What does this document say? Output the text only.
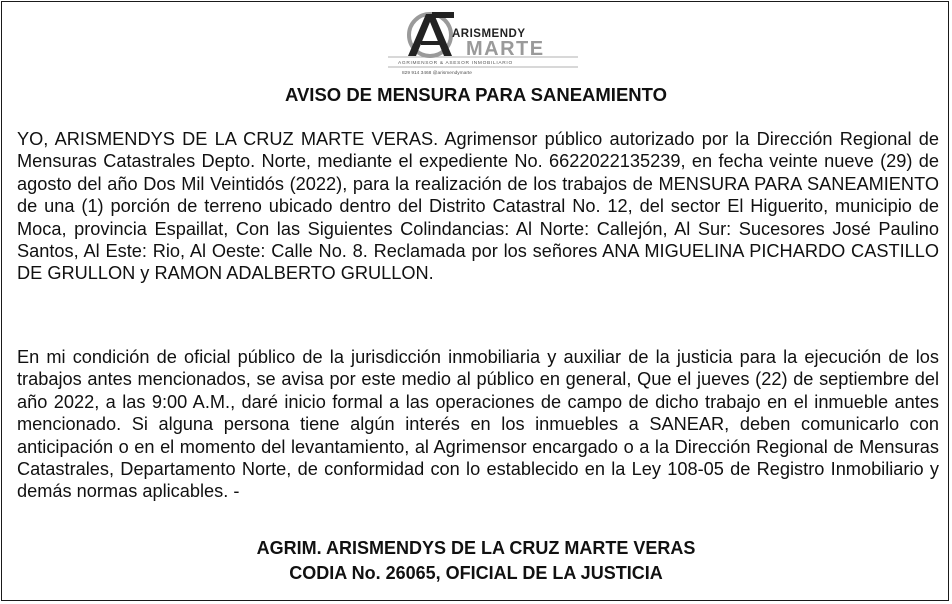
ARISMENDY
MARTE
AGRIMENSOR & ASESOR INMOBILIARIO
829 914 3468 @arismendymarte
AVISO DE MENSURA PARA SANEAMIENTO

YO, ARISMENDYS DE LA CRUZ MARTE VERAS. Agrimensor público autorizado por la Dirección Regional de Mensuras Catastrales Depto. Norte, mediante el expediente No. 6622022135239, en fecha veinte nueve (29) de agosto del año Dos Mil Veintidós (2022), para la realización de los trabajos de MENSURA PARA SANEAMIENTO de una (1) porción de terreno ubicado dentro del Distrito Catastral No. 12, del sector El Higuerito, municipio de Moca, provincia Espaillat, Con las Siguientes Colindancias: Al Norte: Callejón, Al Sur: Sucesores José Paulino Santos, Al Este: Rio, Al Oeste: Calle No. 8. Reclamada por los señores ANA MIGUELINA PICHARDO CASTILLO DE GRULLON y RAMON ADALBERTO GRULLON.

En mi condición de oficial público de la jurisdicción inmobiliaria y auxiliar de la justicia para la ejecución de los trabajos antes mencionados, se avisa por este medio al público en general, Que el jueves (22) de septiembre del año 2022, a las 9:00 A.M., daré inicio formal a las operaciones de campo de dicho trabajo en el inmueble antes mencionado. Si alguna persona tiene algún interés en los inmuebles a SANEAR, deben comunicarlo con anticipación o en el momento del levantamiento, al Agrimensor encargado o a la Dirección Regional de Mensuras Catastrales, Departamento Norte, de conformidad con lo establecido en la Ley 108-05 de Registro Inmobiliario y demás normas aplicables. -

AGRIM. ARISMENDYS DE LA CRUZ MARTE VERAS
CODIA No. 26065, OFICIAL DE LA JUSTICIA
